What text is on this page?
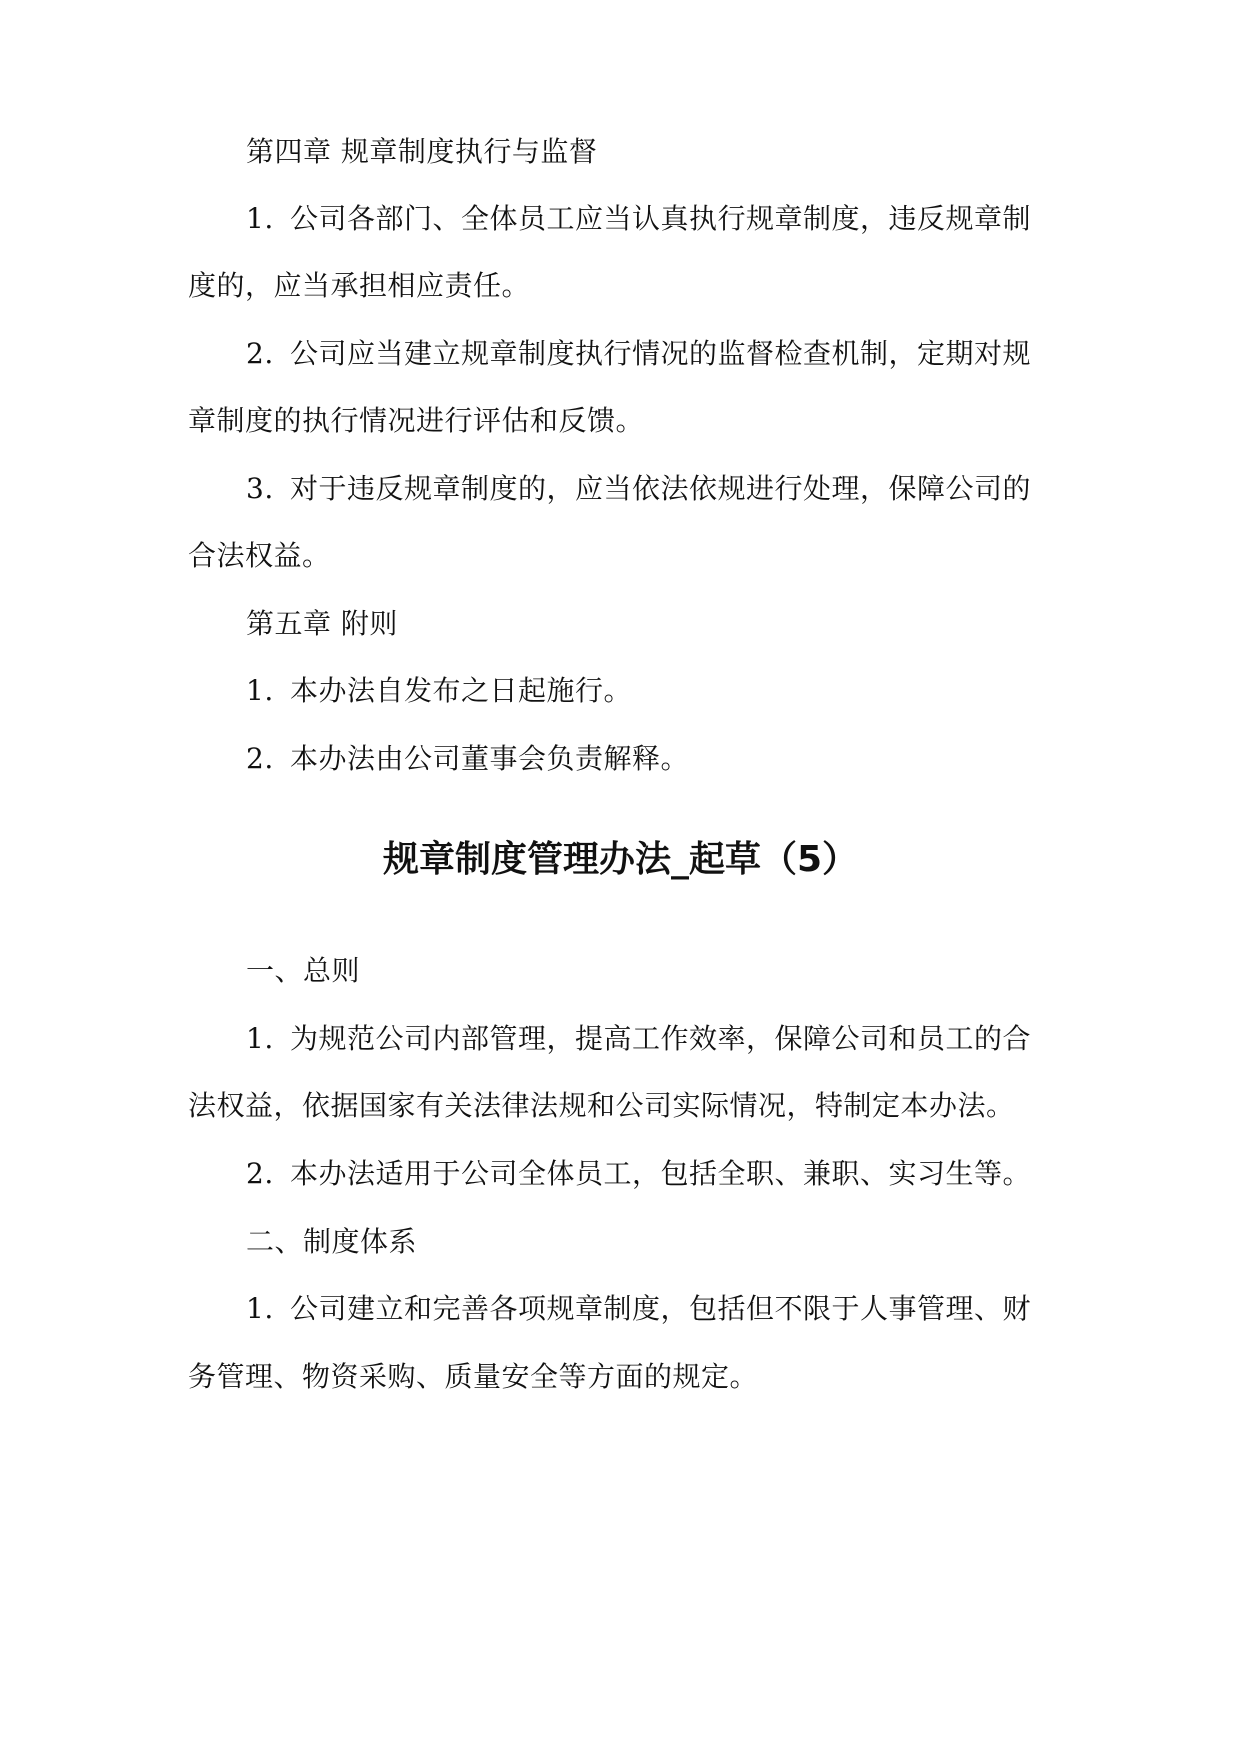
第四章 规章制度执行与监督
1. 公司各部门、全体员工应当认真执行规章制度，违反规章制
度的，应当承担相应责任。
2. 公司应当建立规章制度执行情况的监督检查机制，定期对规
章制度的执行情况进行评估和反馈。
3. 对于违反规章制度的，应当依法依规进行处理，保障公司的
合法权益。
第五章 附则
1. 本办法自发布之日起施行。
2. 本办法由公司董事会负责解释。
规章制度管理办法_起草（5）
一、总则
1. 为规范公司内部管理，提高工作效率，保障公司和员工的合
法权益，依据国家有关法律法规和公司实际情况，特制定本办法。
2. 本办法适用于公司全体员工，包括全职、兼职、实习生等。
二、制度体系
1. 公司建立和完善各项规章制度，包括但不限于人事管理、财
务管理、物资采购、质量安全等方面的规定。
